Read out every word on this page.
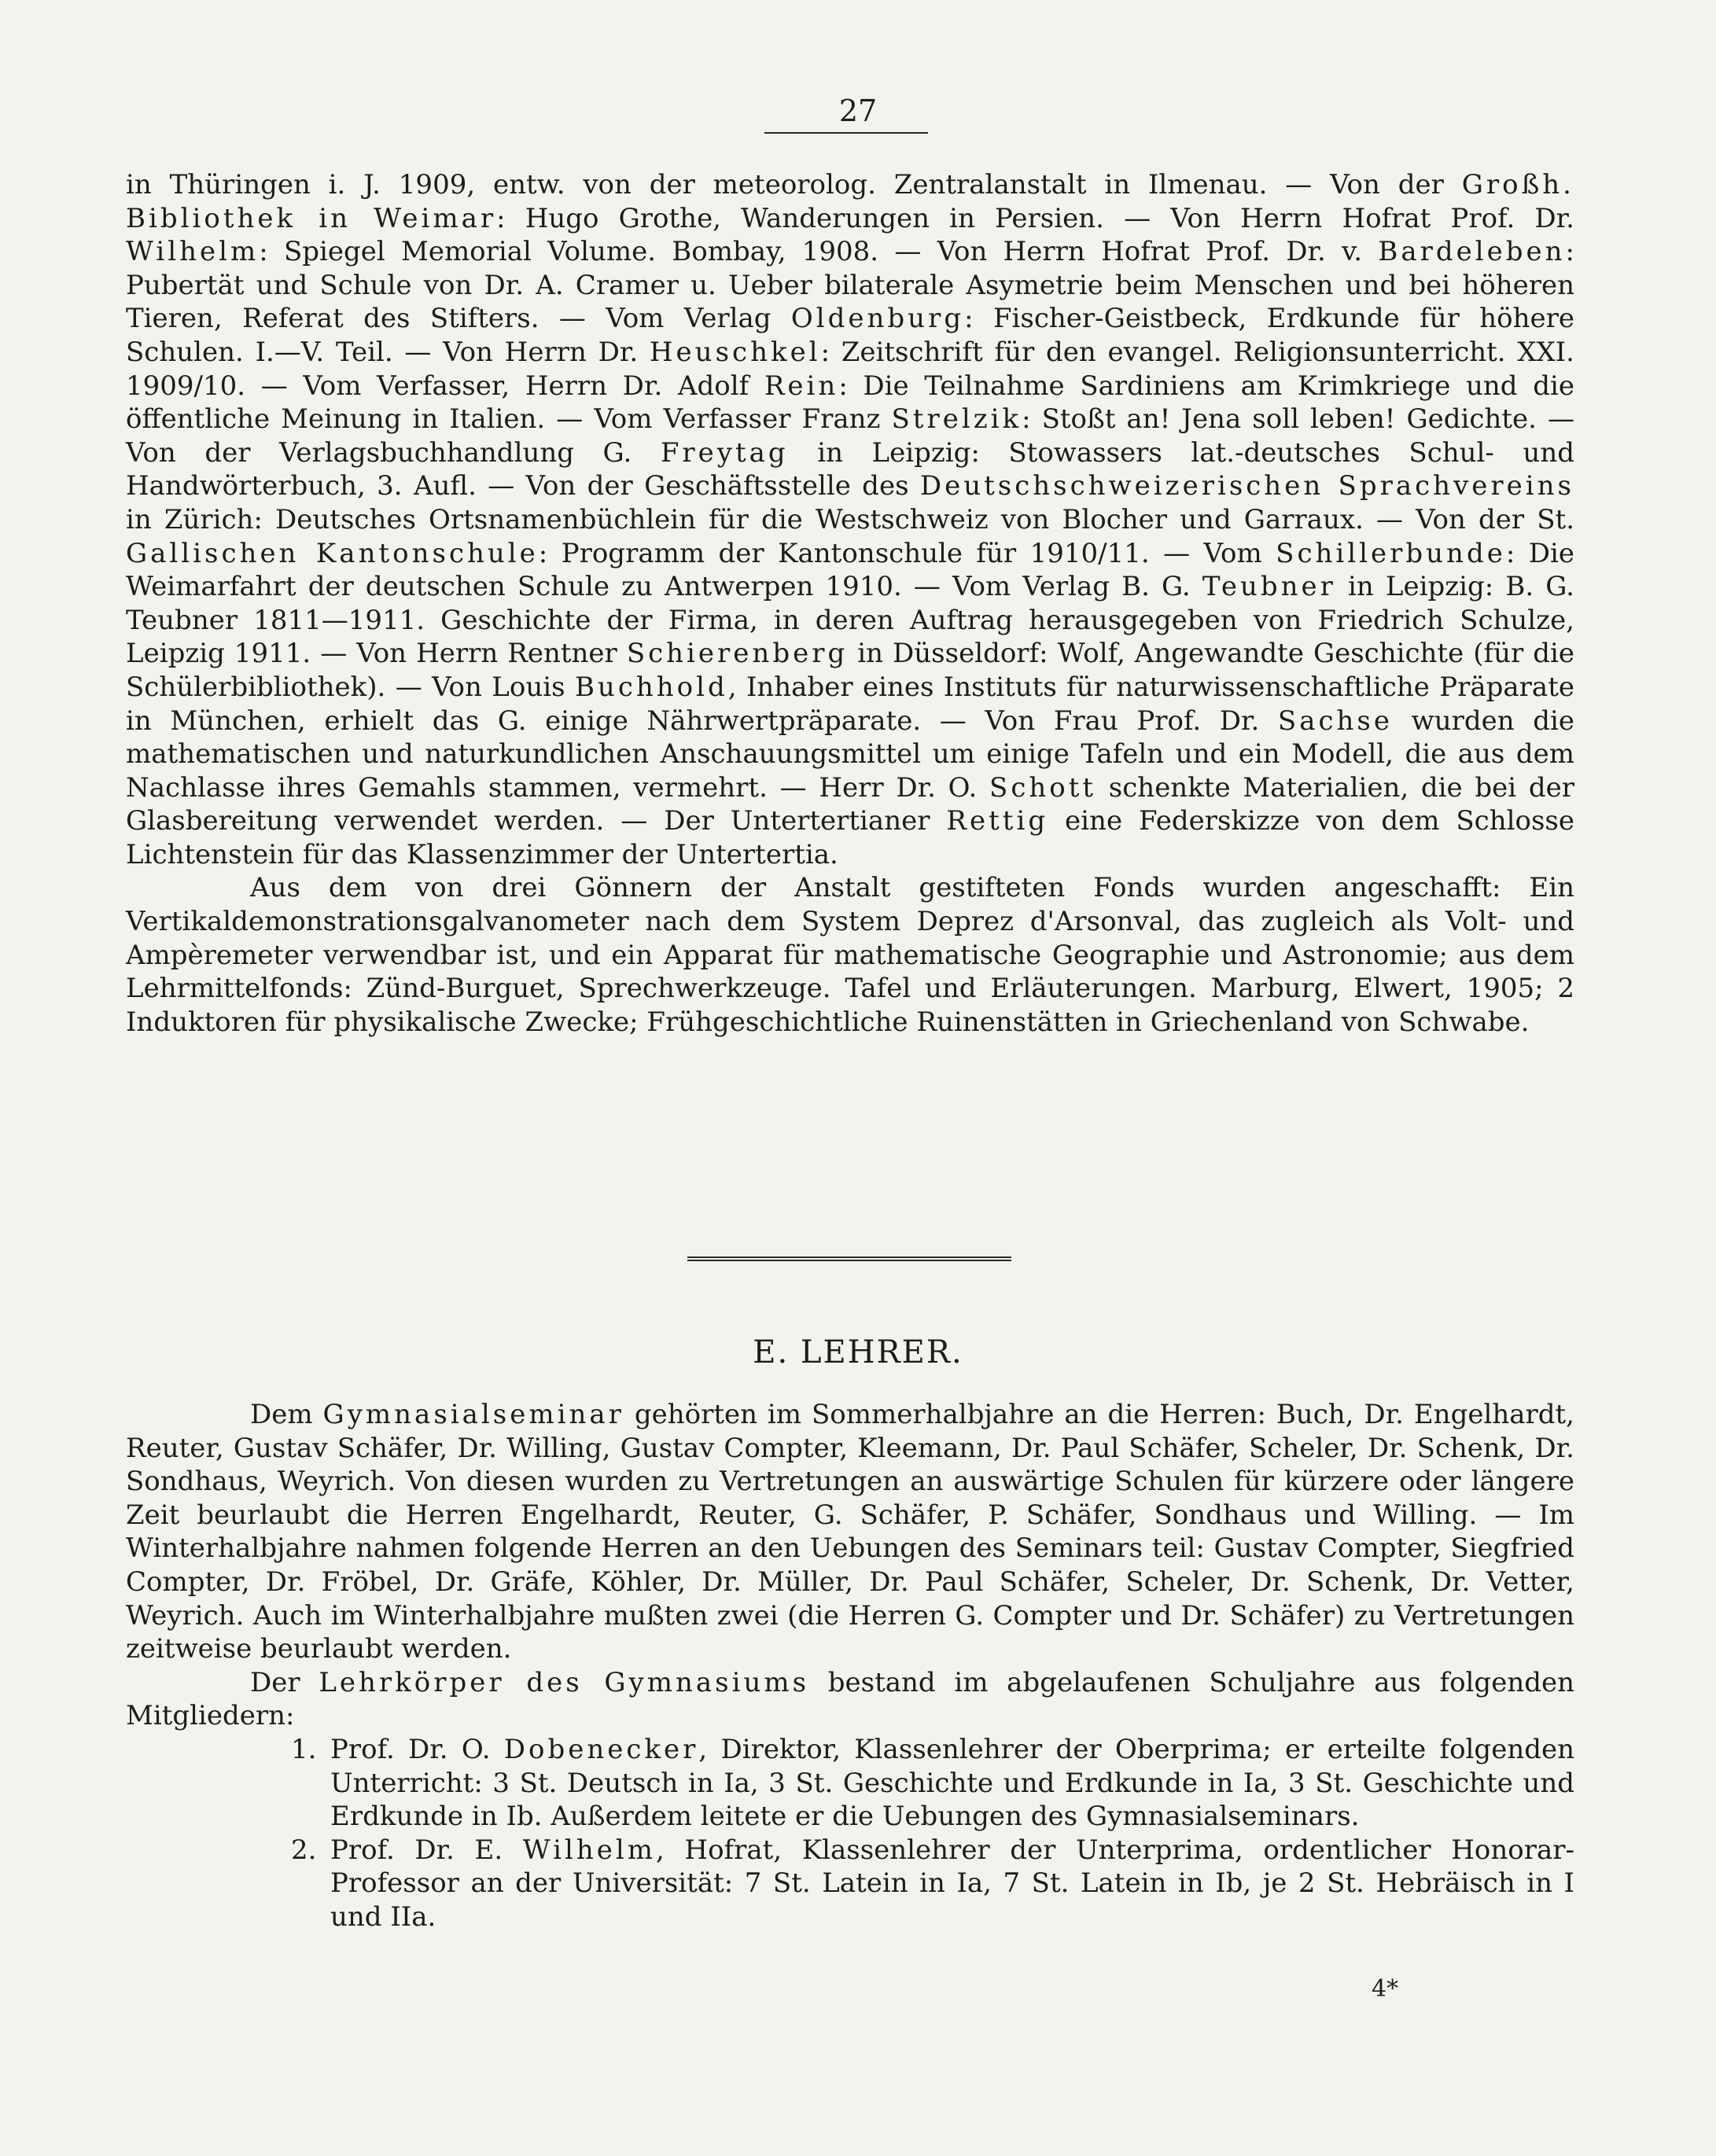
27

in Thüringen i. J. 1909, entw. von der meteorolog. Zentralanstalt in Ilmenau. — Von der Großh. Bibliothek in Weimar: Hugo Grothe, Wanderungen in Persien. — Von Herrn Hofrat Prof. Dr. Wilhelm: Spiegel Memorial Volume. Bombay, 1908. — Von Herrn Hofrat Prof. Dr. v. Bardeleben: Pubertät und Schule von Dr. A. Cramer u. Ueber bilaterale Asymetrie beim Menschen und bei höheren Tieren, Referat des Stifters. — Vom Verlag Oldenburg: Fischer-Geistbeck, Erdkunde für höhere Schulen. I.—V. Teil. — Von Herrn Dr. Heuschkel: Zeitschrift für den evangel. Religionsunterricht. XXI. 1909/10. — Vom Verfasser, Herrn Dr. Adolf Rein: Die Teilnahme Sardiniens am Krimkriege und die öffentliche Meinung in Italien. — Vom Verfasser Franz Strelzik: Stoßt an! Jena soll leben! Gedichte. — Von der Verlagsbuchhandlung G. Freytag in Leipzig: Stowassers lat.-deutsches Schul- und Handwörterbuch, 3. Aufl. — Von der Geschäftsstelle des Deutschschweizerischen Sprachvereins in Zürich: Deutsches Ortsnamenbüchlein für die Westschweiz von Blocher und Garraux. — Von der St. Gallischen Kantonschule: Programm der Kantonschule für 1910/11. — Vom Schillerbunde: Die Weimarfahrt der deutschen Schule zu Antwerpen 1910. — Vom Verlag B. G. Teubner in Leipzig: B. G. Teubner 1811—1911. Geschichte der Firma, in deren Auftrag herausgegeben von Friedrich Schulze, Leipzig 1911. — Von Herrn Rentner Schierenberg in Düsseldorf: Wolf, Angewandte Geschichte (für die Schülerbibliothek). — Von Louis Buchhold, Inhaber eines Instituts für naturwissenschaftliche Präparate in München, erhielt das G. einige Nährwertpräparate. — Von Frau Prof. Dr. Sachse wurden die mathematischen und naturkundlichen Anschauungsmittel um einige Tafeln und ein Modell, die aus dem Nachlasse ihres Gemahls stammen, vermehrt. — Herr Dr. O. Schott schenkte Materialien, die bei der Glasbereitung verwendet werden. — Der Untertertianer Rettig eine Federskizze von dem Schlosse Lichtenstein für das Klassenzimmer der Untertertia.

Aus dem von drei Gönnern der Anstalt gestifteten Fonds wurden angeschafft: Ein Vertikaldemonstrationsgalvanometer nach dem System Deprez d'Arsonval, das zugleich als Volt- und Ampèremeter verwendbar ist, und ein Apparat für mathematische Geographie und Astronomie; aus dem Lehrmittelfonds: Zünd-Burguet, Sprechwerkzeuge. Tafel und Erläuterungen. Marburg, Elwert, 1905; 2 Induktoren für physikalische Zwecke; Frühgeschichtliche Ruinenstätten in Griechenland von Schwabe.

E. LEHRER.

Dem Gymnasialseminar gehörten im Sommerhalbjahre an die Herren: Buch, Dr. Engelhardt, Reuter, Gustav Schäfer, Dr. Willing, Gustav Compter, Kleemann, Dr. Paul Schäfer, Scheler, Dr. Schenk, Dr. Sondhaus, Weyrich. Von diesen wurden zu Vertretungen an auswärtige Schulen für kürzere oder längere Zeit beurlaubt die Herren Engelhardt, Reuter, G. Schäfer, P. Schäfer, Sondhaus und Willing. — Im Winterhalbjahre nahmen folgende Herren an den Uebungen des Seminars teil: Gustav Compter, Siegfried Compter, Dr. Fröbel, Dr. Gräfe, Köhler, Dr. Müller, Dr. Paul Schäfer, Scheler, Dr. Schenk, Dr. Vetter, Weyrich. Auch im Winterhalbjahre mußten zwei (die Herren G. Compter und Dr. Schäfer) zu Vertretungen zeitweise beurlaubt werden.

Der Lehrkörper des Gymnasiums bestand im abgelaufenen Schuljahre aus folgenden Mitgliedern:

1. Prof. Dr. O. Dobenecker, Direktor, Klassenlehrer der Oberprima; er erteilte folgenden Unterricht: 3 St. Deutsch in Ia, 3 St. Geschichte und Erdkunde in Ia, 3 St. Geschichte und Erdkunde in Ib. Außerdem leitete er die Uebungen des Gymnasialseminars.
2. Prof. Dr. E. Wilhelm, Hofrat, Klassenlehrer der Unterprima, ordentlicher Honorar-Professor an der Universität: 7 St. Latein in Ia, 7 St. Latein in Ib, je 2 St. Hebräisch in I und IIa.
4*
